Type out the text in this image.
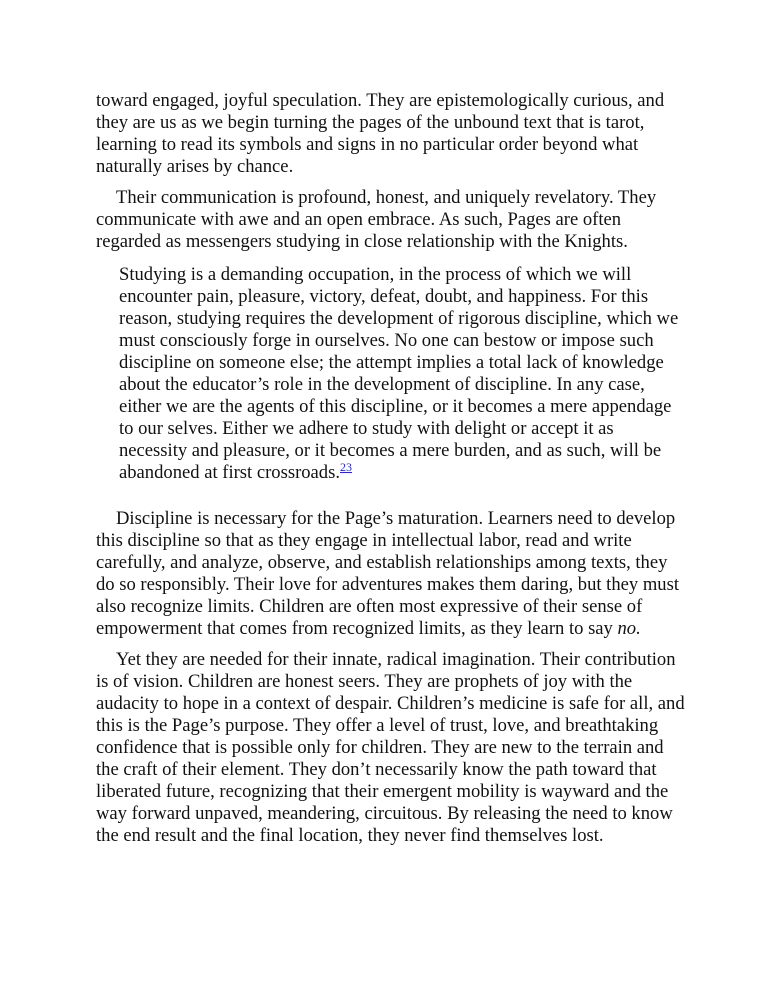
toward engaged, joyful speculation. They are epistemologically curious, and they are us as we begin turning the pages of the unbound text that is tarot, learning to read its symbols and signs in no particular order beyond what naturally arises by chance.

Their communication is profound, honest, and uniquely revelatory. They communicate with awe and an open embrace. As such, Pages are often regarded as messengers studying in close relationship with the Knights.

Studying is a demanding occupation, in the process of which we will encounter pain, pleasure, victory, defeat, doubt, and happiness. For this reason, studying requires the development of rigorous discipline, which we must consciously forge in ourselves. No one can bestow or impose such discipline on someone else; the attempt implies a total lack of knowledge about the educator’s role in the development of discipline. In any case, either we are the agents of this discipline, or it becomes a mere appendage to our selves. Either we adhere to study with delight or accept it as necessity and pleasure, or it becomes a mere burden, and as such, will be abandoned at first crossroads.$^{23}$

Discipline is necessary for the Page’s maturation. Learners need to develop this discipline so that as they engage in intellectual labor, read and write carefully, and analyze, observe, and establish relationships among texts, they do so responsibly. Their love for adventures makes them daring, but they must also recognize limits. Children are often most expressive of their sense of empowerment that comes from recognized limits, as they learn to say no.

Yet they are needed for their innate, radical imagination. Their contribution is of vision. Children are honest seers. They are prophets of joy with the audacity to hope in a context of despair. Children’s medicine is safe for all, and this is the Page’s purpose. They offer a level of trust, love, and breathtaking confidence that is possible only for children. They are new to the terrain and the craft of their element. They don’t necessarily know the path toward that liberated future, recognizing that their emergent mobility is wayward and the way forward unpaved, meandering, circuitous. By releasing the need to know the end result and the final location, they never find themselves lost.
